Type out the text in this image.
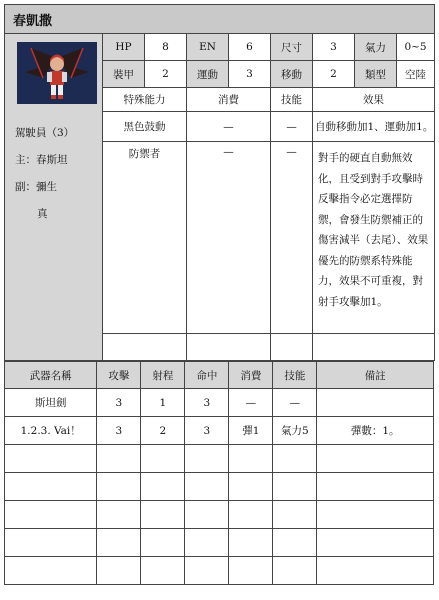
春凱撒								

駕駛員（3）
主：春斯坦
副：彌生
真	HP	8	EN	6	尺寸	3	氣力	0~5
	裝甲	2	運動	3	移動	2	類型	空陸
	特殊能力		消費		技能	效果		
	黑色鼓動		—		—	自動移動加1、運動加1。		
	防禦者		—		—	對手的硬直自動無效化，且受到對手攻擊時反擊指令必定選擇防禦，會發生防禦補正的傷害減半（去尾）、效果優先的防禦系特殊能力，效果不可重複，對射手攻擊加1。		

武器名稱	攻擊	射程	命中	消費	技能	備註
斯坦劍	3	1	3	—	—	
1.2.3. Vai！	3	2	3	彈1	氣力5	彈數：1。
